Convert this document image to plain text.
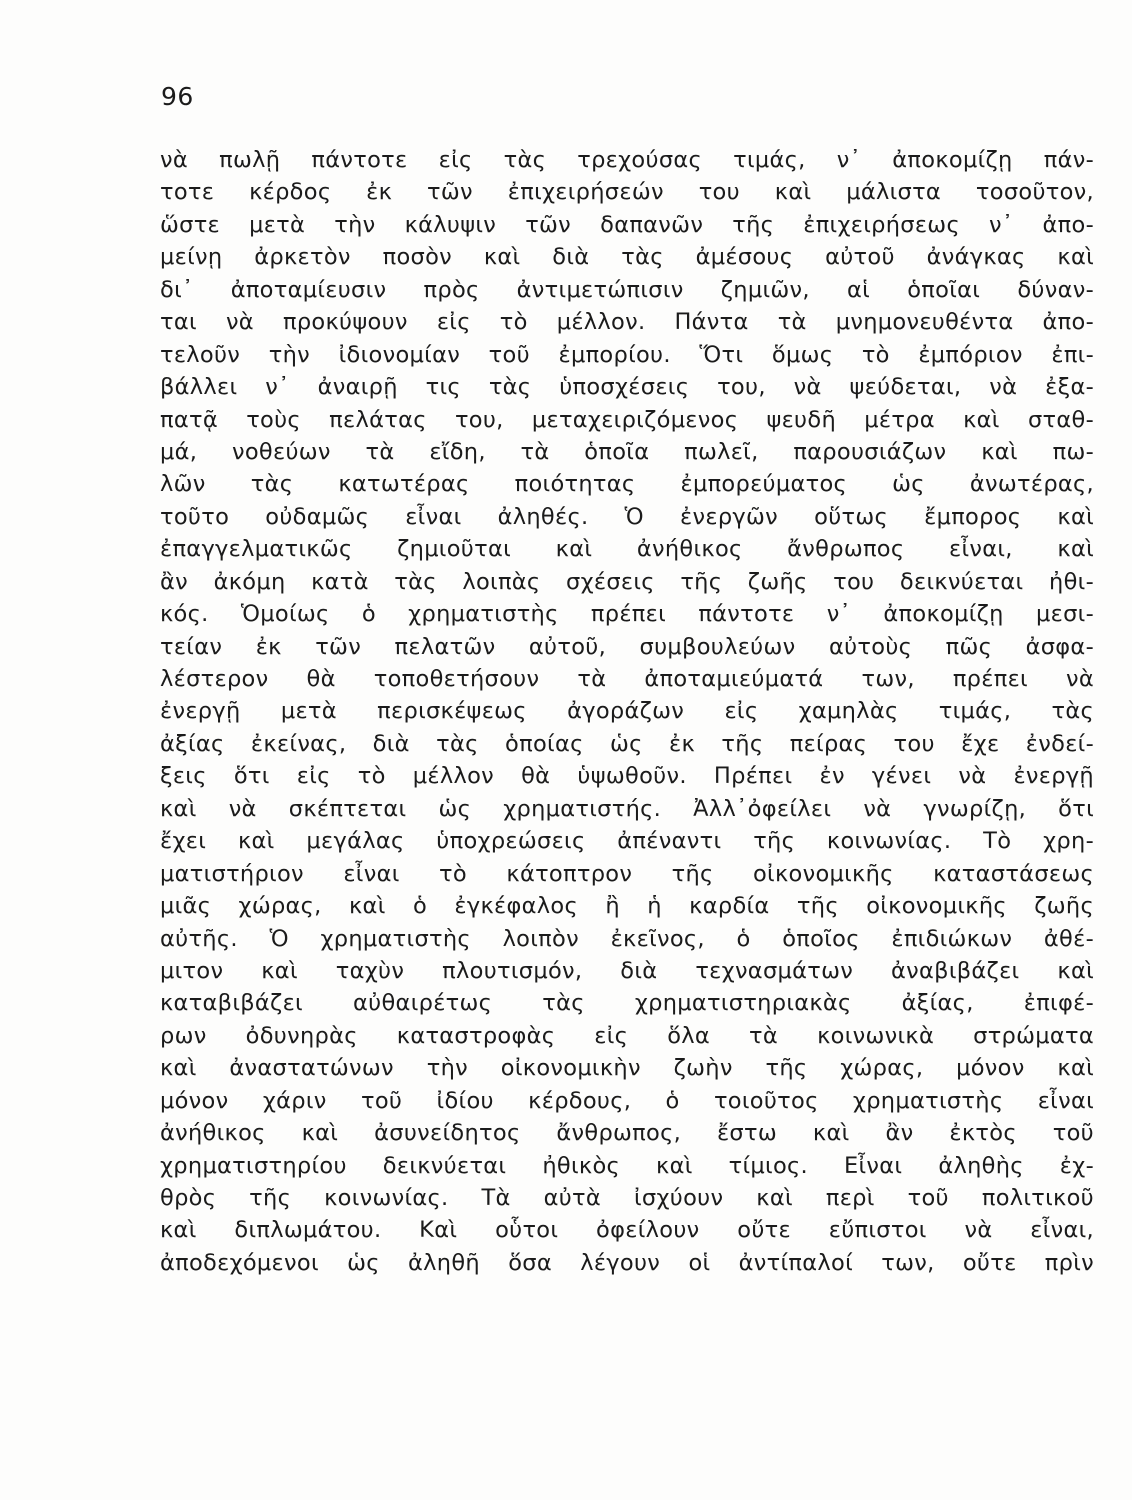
96
νὰ πωλῇ πάντοτε εἰς τὰς τρεχούσας τιμάς, ν᾽ ἀποκομίζῃ πάν-
τοτε κέρδος ἐκ τῶν ἐπιχειρήσεών του καὶ μάλιστα τοσοῦτον,
ὥστε μετὰ τὴν κάλυψιν τῶν δαπανῶν τῆς ἐπιχειρήσεως ν᾽ ἀπο-
μείνῃ ἀρκετὸν ποσὸν καὶ διὰ τὰς ἀμέσους αὐτοῦ ἀνάγκας καὶ
δι᾽ ἀποταμίευσιν πρὸς ἀντιμετώπισιν ζημιῶν, αἱ ὁποῖαι δύναν-
ται νὰ προκύψουν εἰς τὸ μέλλον. Πάντα τὰ μνημονευθέντα ἀπο-
τελοῦν τὴν ἰδιονομίαν τοῦ ἐμπορίου. Ὅτι ὅμως τὸ ἐμπόριον ἐπι-
βάλλει ν᾽ ἀναιρῇ τις τὰς ὑποσχέσεις του, νὰ ψεύδεται, νὰ ἐξα-
πατᾷ τοὺς πελάτας του, μεταχειριζόμενος ψευδῆ μέτρα καὶ σταθ-
μά, νοθεύων τὰ εἴδη, τὰ ὁποῖα πωλεῖ, παρουσιάζων καὶ πω-
λῶν τὰς κατωτέρας ποιότητας ἐμπορεύματος ὡς ἀνωτέρας,
τοῦτο οὐδαμῶς εἶναι ἀληθές. Ὁ ἐνεργῶν οὕτως ἔμπορος καὶ
ἐπαγγελματικῶς ζημιοῦται καὶ ἀνήθικος ἄνθρωπος εἶναι, καὶ
ἂν ἀκόμη κατὰ τὰς λοιπὰς σχέσεις τῆς ζωῆς του δεικνύεται ἠθι-
κός. Ὁμοίως ὁ χρηματιστὴς πρέπει πάντοτε ν᾽ ἀποκομίζῃ μεσι-
τείαν ἐκ τῶν πελατῶν αὐτοῦ, συμβουλεύων αὐτοὺς πῶς ἀσφα-
λέστερον θὰ τοποθετήσουν τὰ ἀποταμιεύματά των, πρέπει νὰ
ἐνεργῇ μετὰ περισκέψεως ἀγοράζων εἰς χαμηλὰς τιμάς, τὰς
ἀξίας ἐκείνας, διὰ τὰς ὁποίας ὡς ἐκ τῆς πείρας του ἔχε ἐνδεί-
ξεις ὅτι εἰς τὸ μέλλον θὰ ὑψωθοῦν. Πρέπει ἐν γένει νὰ ἐνεργῇ
καὶ νὰ σκέπτεται ὡς χρηματιστής. Ἀλλ᾽ὀφείλει νὰ γνωρίζῃ, ὅτι
ἔχει καὶ μεγάλας ὑποχρεώσεις ἀπέναντι τῆς κοινωνίας. Τὸ χρη-
ματιστήριον εἶναι τὸ κάτοπτρον τῆς οἰκονομικῆς καταστάσεως
μιᾶς χώρας, καὶ ὁ ἐγκέφαλος ἢ ἡ καρδία τῆς οἰκονομικῆς ζωῆς
αὐτῆς. Ὁ χρηματιστὴς λοιπὸν ἐκεῖνος, ὁ ὁποῖος ἐπιδιώκων ἀθέ-
μιτον καὶ ταχὺν πλουτισμόν, διὰ τεχνασμάτων ἀναβιβάζει καὶ
καταβιβάζει αὐθαιρέτως τὰς χρηματιστηριακὰς ἀξίας, ἐπιφέ-
ρων ὀδυνηρὰς καταστροφὰς εἰς ὅλα τὰ κοινωνικὰ στρώματα
καὶ ἀναστατώνων τὴν οἰκονομικὴν ζωὴν τῆς χώρας, μόνον καὶ
μόνον χάριν τοῦ ἰδίου κέρδους, ὁ τοιοῦτος χρηματιστὴς εἶναι
ἀνήθικος καὶ ἀσυνείδητος ἄνθρωπος, ἔστω καὶ ἂν ἐκτὸς τοῦ
χρηματιστηρίου δεικνύεται ἠθικὸς καὶ τίμιος. Εἶναι ἀληθὴς ἐχ-
θρὸς τῆς κοινωνίας. Τὰ αὐτὰ ἰσχύουν καὶ περὶ τοῦ πολιτικοῦ
καὶ διπλωμάτου. Καὶ οὗτοι ὀφείλουν οὔτε εὔπιστοι νὰ εἶναι,
ἀποδεχόμενοι ὡς ἀληθῆ ὅσα λέγουν οἱ ἀντίπαλοί των, οὔτε πρὶν
